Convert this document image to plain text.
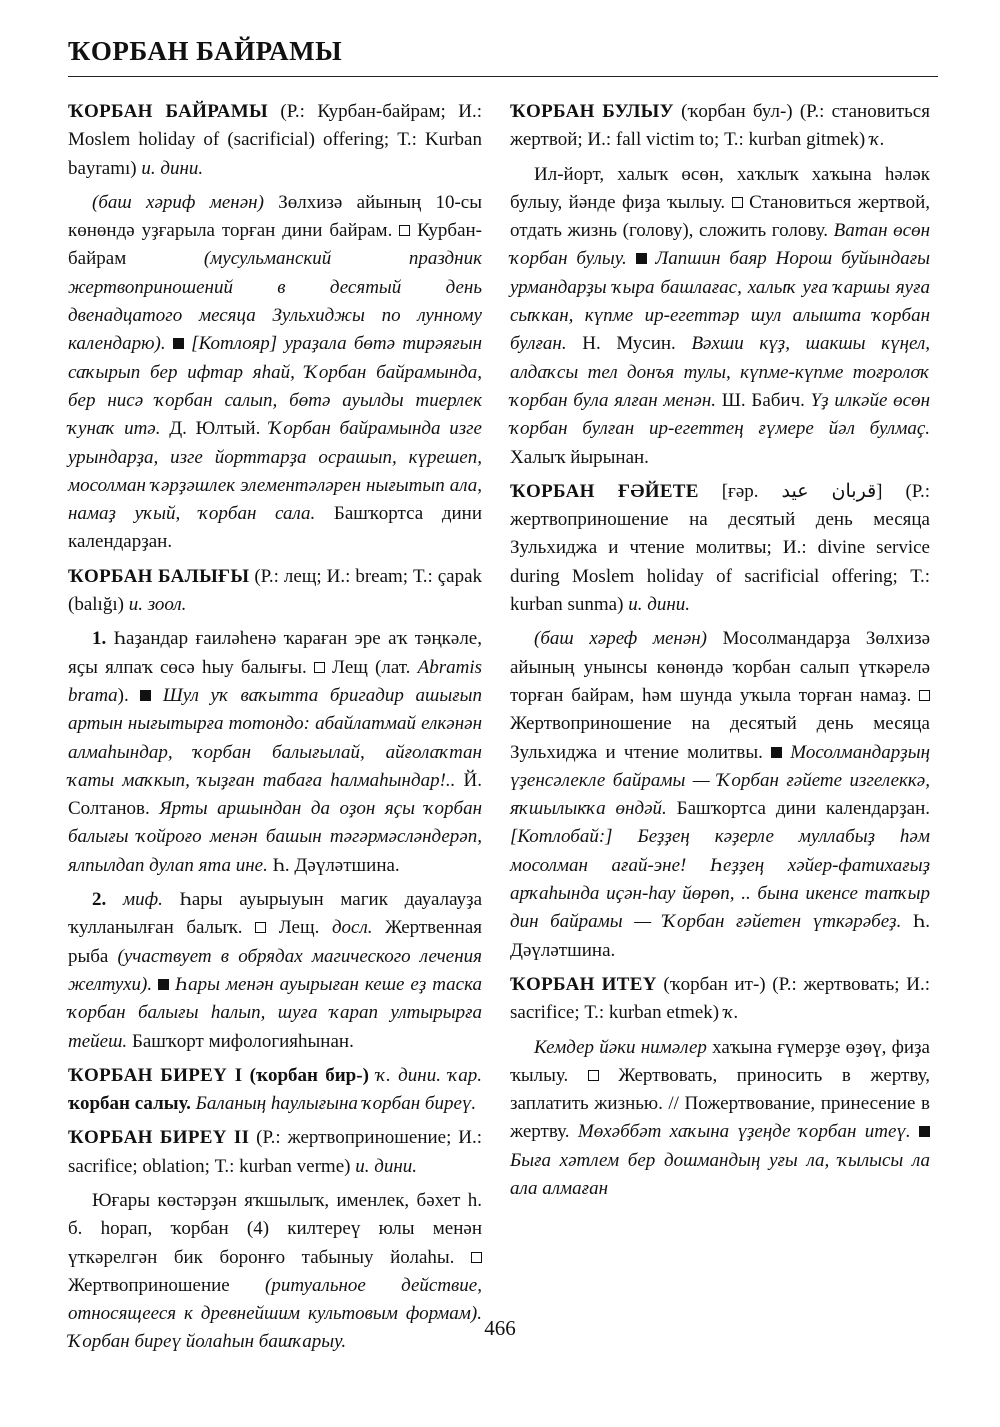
ҠОРБАН БАЙРАМЫ

ҠОРБАН БАЙРАМЫ (Р.: Курбан-байрам; И.: Moslem holiday of (sacrificial) offering; Т.: Kurban bayramı) и. дини.

(баш хәриф менән) Зөлхизә айының 10-сы көнөндә уҙғарыла торған дини байрам.  Курбан-байрам (мусульманский праздник жертвоприношений в десятый день двенадцатого месяца Зульхиджы по лунному календарю).  [Котлояр] ураҙала бөтә тирәяғын саҡырып бер ифтар яһай, Ҡорбан байрамында, бер нисә ҡорбан салып, бөтә ауылды тиерлек ҡунаҡ итә. Д. Юлтый. Ҡорбан байрамында изге урындарҙа, изге йорттарҙа осрашып, күрешеп, мосолман ҡәрҙәшлек элементәләрен нығытып ала, намаҙ уҡый, ҡорбан сала. Башҡортса дини календарҙан.

ҠОРБАН БАЛЫҒЫ (Р.: лещ; И.: bream; Т.: çapak (balığı) и. зоол.

1. Һаҙандар ғаиләһенә ҡараған эре аҡ тәңкәле, яҫы ялпаҡ сөсә һыу балығы.  Лещ (лат. Abramis brama).  Шул уҡ ваҡытта бригадир ашығып артын нығытырға тотондо: абайлатмай елкәнән алмаһындар, ҡорбан балығылай, айғолаҡтан ҡаты маҡкып, ҡыҙған табаға һалмаһындар!.. Й. Солтанов. Ярты аршындан да оҙон яҫы ҡорбан балығы ҡойроғо менән башын тәгәрмәсләндерәп, ялпылдап дулап ята ине. Һ. Дәүләтшина.

2. миф. Һары ауырыуын магик дауалауҙа ҡулланылған балыҡ.  Лещ. досл. Жертвенная рыба (участвует в обрядах магического лечения желтухи).  Һары менән ауырыған кеше еҙ таска ҡорбан балығы һалып, шуға ҡарап ултырырға тейеш. Башҡорт мифологияһынан.

ҠОРБАН БИРЕҮ I (ҡорбан бир-) ҡ. дини. ҡар. ҡорбан салыу. Баланың һаулығына ҡорбан биреү.

ҠОРБАН БИРЕҮ II (Р.: жертвоприношение; И.: sacrifice; oblation; Т.: kurban verme) и. дини.

Юғары көстәрҙән яҡшылыҡ, именлек, бәхет һ. б. һорап, ҡорбан (4) килтереү юлы менән үткәрелгән бик боронғо табыныу йолаһы.  Жертвоприношение (ритуальное действие, относящееся к древнейшим культовым формам). Ҡорбан биреү йолаһын башҡарыу.

ҠОРБАН БУЛЫУ (ҡорбан бул-) (Р.: становиться жертвой; И.: fall victim to; Т.: kurban gitmek) ҡ.

Ил-йорт, халыҡ өсөн, хаҡлыҡ хаҡына һәләк булыу, йәнде фиҙа ҡылыу.  Становиться жертвой, отдать жизнь (голову), сложить голову. Ватан өсөн ҡорбан булыу.  Лапшин баяр Норош буйындағы урмандарҙы ҡыра башлағас, халыҡ уға ҡаршы яуға сыҡкан, күпме ир-егеттәр шул алышта ҡорбан булған. Н. Мусин. Вәхши күҙ, шакшы күңел, алдаҡсы тел донъя тулы, күпме-күпме тоғролоҡ ҡорбан була ялған менән. Ш. Бабич. Үҙ илкәйе өсөн ҡорбан булған ир-егеттең ғүмере йәл булмаҫ. Халыҡ йырынан.

ҠОРБАН ҒӘЙЕТЕ [ғәр. قربان عيد] (Р.: жертвоприношение на десятый день месяца Зульхиджа и чтение молитвы; И.: divine service during Moslem holiday of sacrificial offering; Т.: kurban sunma) и. дини.

(баш хәреф менән) Мосолмандарҙа Зөлхизә айының унынсы көнөндә ҡорбан салып үткәрелә торған байрам, һәм шунда уҡыла торған намаҙ.  Жертвоприношение на десятый день месяца Зульхиджа и чтение молитвы.  Мосолмандарҙың үҙенсәлекле байрамы — Ҡорбан ғәйете изгелеккә, яҡшылыкҡа өндәй. Башҡортса дини календарҙан. [Котлобай:] Беҙҙең кәҙерле муллабыҙ һәм мосолман ағай-эне! Һеҙҙең хәйер-фатихағыҙ арҡаһында иҫән-һау йөрөп, .. бына икенсе тапҡыр дин байрамы — Ҡорбан ғәйетен үткәрәбеҙ. Һ. Дәүләтшина.

ҠОРБАН ИТЕҮ (ҡорбан ит-) (Р.: жертвовать; И.: sacrifice; Т.: kurban etmek) ҡ.

Кемдер йәки нимәлер хаҡына ғүмерҙе өҙөү, фиҙа ҡылыу.  Жертвовать, приносить в жертву, заплатить жизнью. // Пожертвование, принесение в жертву. Мөхәббәт хаҡына үҙеңде ҡорбан итеү.  Быға хәтлем бер дошмандың уғы ла, ҡылысы ла ала алмаған

466
